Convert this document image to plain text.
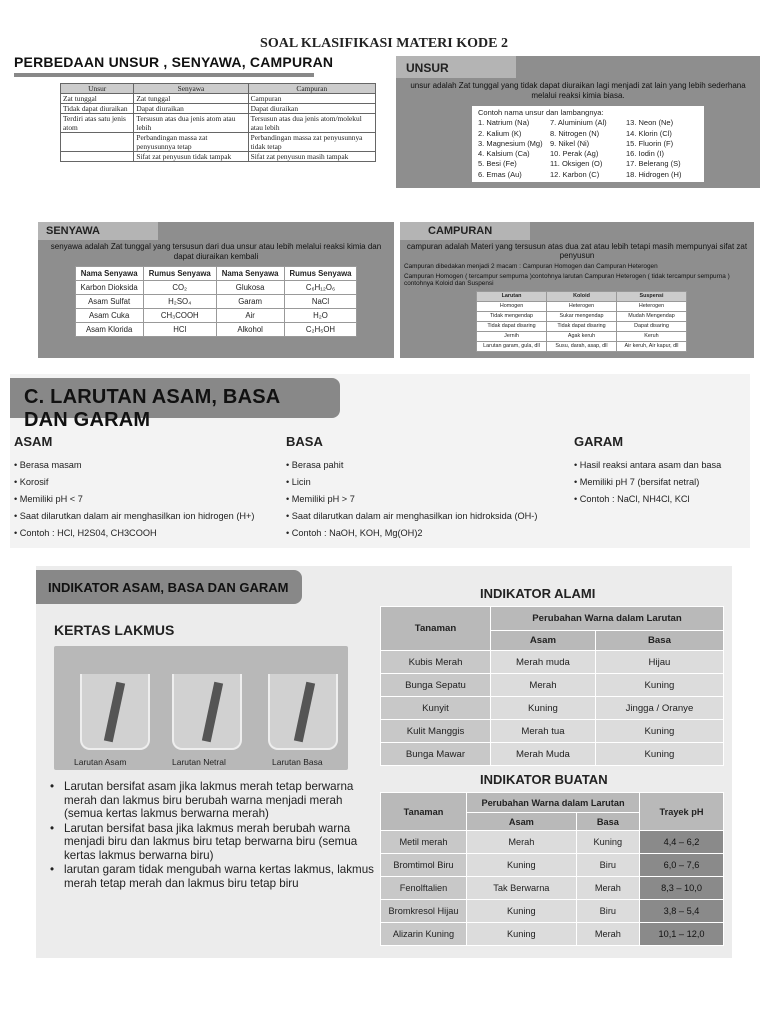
SOAL KLASIFIKASI MATERI KODE 2
PERBEDAAN UNSUR , SENYAWA, CAMPURAN
Unsur	Senyawa	Campuran
Zat tunggal	Zat tunggal	Campuran
Tidak dapat diuraikan	Dapat diuraikan	Dapat diuraikan
Terdiri atas satu jenis atom	Tersusun atas dua jenis atom atau lebih	Tersusun atas dua jenis atom/molekul atau lebih
	Perbandingan massa zat penyusunnya tetap	Perbandingan massa zat penyusunnya tidak tetap
	Sifat zat penyusun tidak tampak	Sifat zat penyusun masih tampak
UNSUR
unsur adalah Zat tunggal yang tidak dapat diuraikan lagi menjadi zat lain yang lebih sederhana melalui reaksi kimia biasa.
Contoh nama unsur dan lambangnya:
1. Natrium (Na)	7. Aluminium (Al)	13. Neon (Ne)
2. Kalium (K)	8. Nitrogen (N)	14. Klorin (Cl)
3. Magnesium (Mg) 9. Nikel (Ni)	15. Fluorin (F)
4. Kalsium (Ca)	10. Perak (Ag)	16. Iodin (I)
5. Besi (Fe)	11. Oksigen (O)	17. Belerang (S)
6. Emas (Au)	12. Karbon (C)	18. Hidrogen (H)
SENYAWA
senyawa adalah Zat tunggal yang tersusun dari dua unsur atau lebih melalui reaksi kimia dan dapat diuraikan kembali
Nama Senyawa	Rumus Senyawa	Nama Senyawa	Rumus Senyawa
Karbon Dioksida	CO₂	Glukosa	C₆H₁₂O₆
Asam Sulfat	H₂SO₄	Garam	NaCl
Asam Cuka	CH₃COOH	Air	H₂O
Asam Klorida	HCl	Alkohol	C₂H₅OH
CAMPURAN
campuran adalah Materi yang tersusun atas dua zat atau lebih tetapi masih mempunyai sifat zat penyusun
Campuran dibedakan menjadi 2 macam : Campuran Homogen dan Campuran Heterogen
Campuran Homogen ( tercampur sempurna )contohnya larutan Campuran Heterogen ( tidak tercampur sempurna ) contohnya Koloid dan Suspensi
Larutan	Koloid	Suspensi
Homogen	Heterogen	Heterogen
Tidak mengendap	Sukar mengendap	Mudah Mengendap
Tidak dapat disaring	Tidak dapat disaring	Dapat disaring
Jernih	Agak keruh	Keruh
Larutan garam, gula, dll	Susu, darah, asap, dll	Air keruh, Air kapur, dll
C. LARUTAN ASAM, BASA DAN GARAM
ASAM
• Berasa masam
• Korosif
• Memiliki pH < 7
• Saat dilarutkan dalam air menghasilkan ion hidrogen (H+)
• Contoh : HCl, H2S04, CH3COOH
BASA
• Berasa pahit
• Licin
• Memiliki pH > 7
• Saat dilarutkan dalam air menghasilkan ion hidroksida (OH-)
• Contoh : NaOH, KOH, Mg(OH)2
GARAM
• Hasil reaksi antara asam dan basa
• Memiliki pH 7 (bersifat netral)
• Contoh : NaCl, NH4Cl, KCl
INDIKATOR ASAM, BASA DAN GARAM
KERTAS LAKMUS
Larutan Asam	Larutan Netral	Larutan Basa
• Larutan bersifat asam jika lakmus merah tetap berwarna merah dan lakmus biru berubah warna menjadi merah (semua kertas lakmus berwarna merah)
• Larutan bersifat basa jika lakmus merah berubah warna menjadi biru dan lakmus biru tetap berwarna biru (semua kertas lakmus berwarna biru)
• larutan garam tidak mengubah warna kertas lakmus, lakmus merah tetap merah dan lakmus biru tetap biru
INDIKATOR ALAMI
Tanaman	Perubahan Warna dalam Larutan	
	Asam	Basa
Kubis Merah	Merah muda	Hijau
Bunga Sepatu	Merah	Kuning
Kunyit	Kuning	Jingga / Oranye
Kulit Manggis	Merah tua	Kuning
Bunga Mawar	Merah Muda	Kuning
INDIKATOR BUATAN
Tanaman	Perubahan Warna dalam Larutan		Trayek pH
	Asam	Basa	
Metil merah	Merah	Kuning	4,4 – 6,2
Bromtimol Biru	Kuning	Biru	6,0 – 7,6
Fenolftalien	Tak Berwarna	Merah	8,3 – 10,0
Bromkresol Hijau	Kuning	Biru	3,8 – 5,4
Alizarin Kuning	Kuning	Merah	10,1 – 12,0
